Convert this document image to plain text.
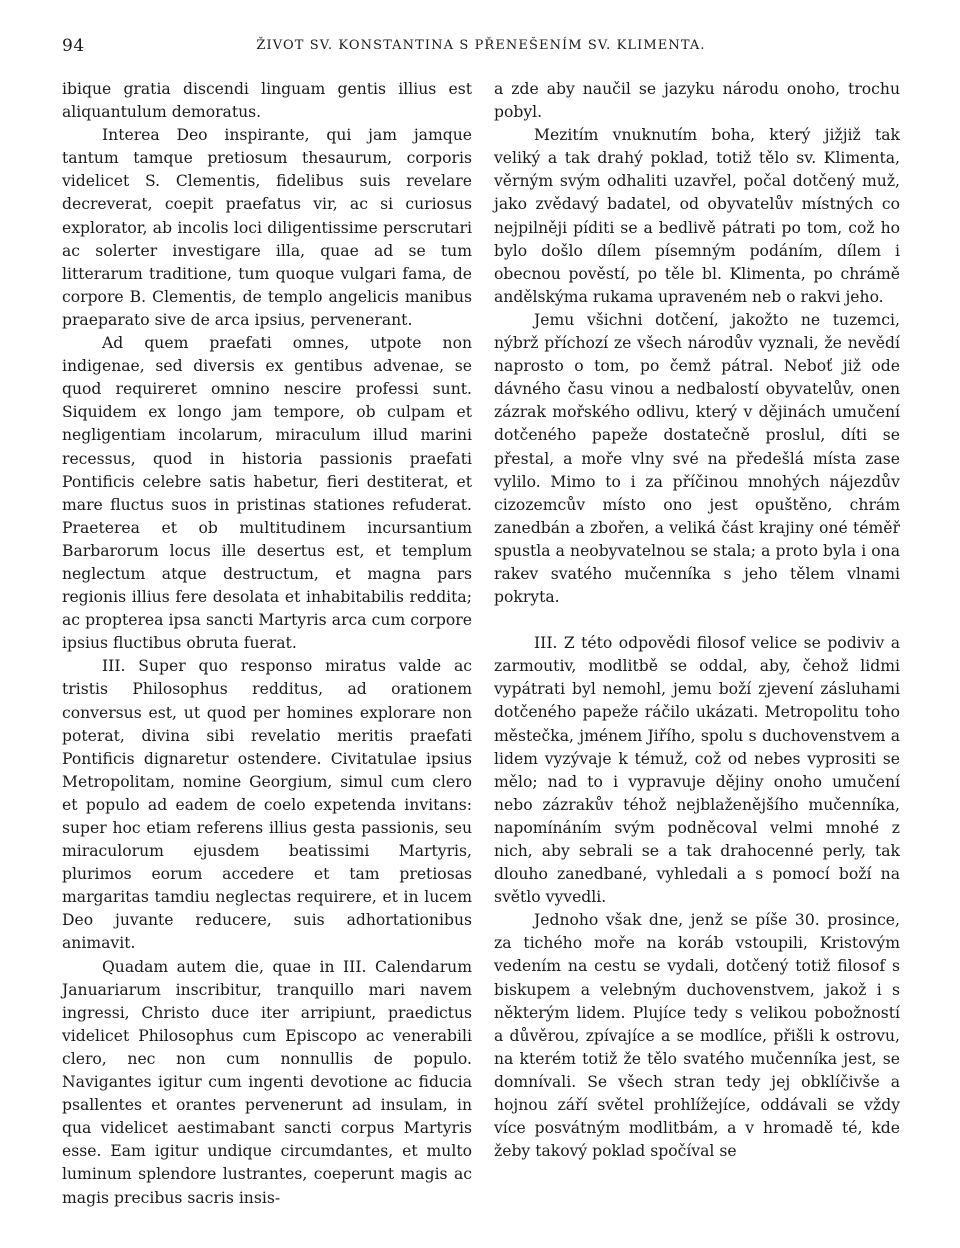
94	ŽIVOT SV. KONSTANTINA S PŘENEŠENÍM SV. KLIMENTA.

ibique gratia discendi linguam gentis illius est aliquantulum demoratus.

Interea Deo inspirante, qui jam jamque tantum tamque pretiosum thesaurum, corporis videlicet S. Clementis, fidelibus suis revelare decreverat, coepit praefatus vir, ac si curiosus explorator, ab incolis loci diligentissime perscrutari ac solerter investigare illa, quae ad se tum litterarum traditione, tum quoque vulgari fama, de corpore B. Clementis, de templo angelicis manibus praeparato sive de arca ipsius, pervenerant.

Ad quem praefati omnes, utpote non indigenae, sed diversis ex gentibus advenae, se quod requireret omnino nescire professi sunt. Siquidem ex longo jam tempore, ob culpam et negligentiam incolarum, miraculum illud marini recessus, quod in historia passionis praefati Pontificis celebre satis habetur, fieri destiterat, et mare fluctus suos in pristinas stationes refuderat. Praeterea et ob multitudinem incursantium Barbarorum locus ille desertus est, et templum neglectum atque destructum, et magna pars regionis illius fere desolata et inhabitabilis reddita; ac propterea ipsa sancti Martyris arca cum corpore ipsius fluctibus obruta fuerat.

III. Super quo responso miratus valde ac tristis Philosophus redditus, ad orationem conversus est, ut quod per homines explorare non poterat, divina sibi revelatio meritis praefati Pontificis dignaretur ostendere. Civitatulae ipsius Metropolitam, nomine Georgium, simul cum clero et populo ad eadem de coelo expetenda invitans: super hoc etiam referens illius gesta passionis, seu miraculorum ejusdem beatissimi Martyris, plurimos eorum accedere et tam pretiosas margaritas tamdiu neglectas requirere, et in lucem Deo juvante reducere, suis adhortationibus animavit.

Quadam autem die, quae in III. Calendarum Januariarum inscribitur, tranquillo mari navem ingressi, Christo duce iter arripiunt, praedictus videlicet Philosophus cum Episcopo ac venerabili clero, nec non cum nonnullis de populo. Navigantes igitur cum ingenti devotione ac fiducia psallentes et orantes pervenerunt ad insulam, in qua videlicet aestimabant sancti corpus Martyris esse. Eam igitur undique circumdantes, et multo luminum splendore lustrantes, coeperunt magis ac magis precibus sacris insis-

a zde aby naučil se jazyku národu onoho, trochu pobyl.

Mezitím vnuknutím boha, který jižjiž tak veliký a tak drahý poklad, totiž tělo sv. Klimenta, věrným svým odhaliti uzavřel, počal dotčený muž, jako zvědavý badatel, od obyvatelův místných co nejpilněji píditi se a bedlivě pátrati po tom, což ho bylo došlo dílem písemným podáním, dílem i obecnou pověstí, po těle bl. Klimenta, po chrámě andělskýma rukama upraveném neb o rakvi jeho.

Jemu všichni dotčení, jakožto ne tuzemci, nýbrž příchozí ze všech národův vyznali, že nevědí naprosto o tom, po čemž pátral. Neboť již ode dávného času vinou a nedbalostí obyvatelův, onen zázrak mořského odlivu, který v dějinách umučení dotčeného papeže dostatečně proslul, díti se přestal, a moře vlny své na předešlá místa zase vylilo. Mimo to i za příčinou mnohých nájezdův cizozemcův místo ono jest opuštěno, chrám zanedbán a zbořen, a veliká část krajiny oné téměř spustla a neobyvatelnou se stala; a proto byla i ona rakev svatého mučenníka s jeho tělem vlnami pokryta.

III. Z této odpovědi filosof velice se podiviv a zarmoutiv, modlitbě se oddal, aby, čehož lidmi vypátrati byl nemohl, jemu boží zjevení zásluhami dotčeného papeže ráčilo ukázati. Metropolitu toho městečka, jménem Jiřího, spolu s duchovenstvem a lidem vyzývaje k témuž, což od nebes vyprositi se mělo; nad to i vypravuje dějiny onoho umučení nebo zázrakův téhož nejblaženějšího mučenníka, napomínáním svým podněcoval velmi mnohé z nich, aby sebrali se a tak drahocenné perly, tak dlouho zanedbané, vyhledali a s pomocí boží na světlo vyvedli.

Jednoho však dne, jenž se píše 30. prosince, za tichého moře na koráb vstoupili, Kristovým vedením na cestu se vydali, dotčený totiž filosof s biskupem a velebným duchovenstvem, jakož i s některým lidem. Plujíce tedy s velikou pobožností a důvěrou, zpívajíce a se modlíce, přišli k ostrovu, na kterém totiž že tělo svatého mučenníka jest, se domnívali. Se všech stran tedy jej obklíčivše a hojnou září světel prohlížejíce, oddávali se vždy více posvátným modlitbám, a v hromadě té, kde žeby takový poklad spočíval se
